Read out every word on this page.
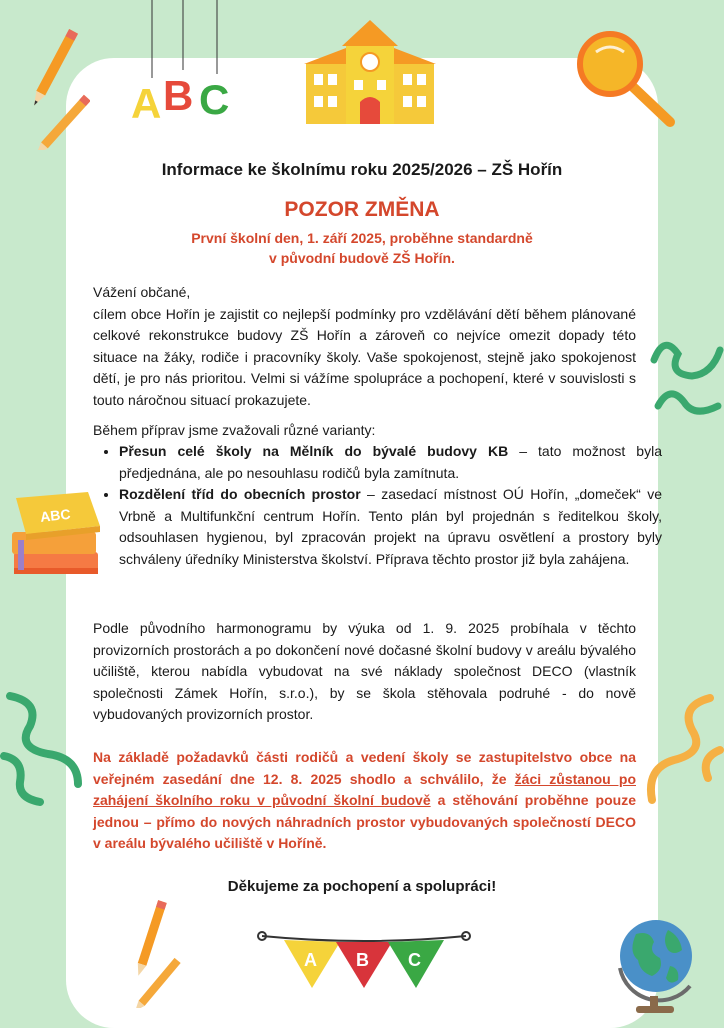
A B C
ABC
A B C
Informace ke školnímu roku 2025/2026 – ZŠ Hořín
POZOR ZMĚNA

První školní den, 1. září 2025, proběhne standardně
v původní budově ZŠ Hořín.

Vážení občané,
cílem obce Hořín je zajistit co nejlepší podmínky pro vzdělávání dětí během plánované celkové rekonstrukce budovy ZŠ Hořín a zároveň co nejvíce omezit dopady této situace na žáky, rodiče i pracovníky školy. Vaše spokojenost, stejně jako spokojenost dětí, je pro nás prioritou. Velmi si vážíme spolupráce a pochopení, které v souvislosti s touto náročnou situací prokazujete.

Během příprav jsme zvažovali různé varianty:

• Přesun celé školy na Mělník do bývalé budovy KB – tato možnost byla předjednána, ale po nesouhlasu rodičů byla zamítnuta.
• Rozdělení tříd do obecních prostor – zasedací místnost OÚ Hořín, „domeček“ ve Vrbně a Multifunkční centrum Hořín. Tento plán byl projednán s ředitelkou školy, odsouhlasen hygienou, byl zpracován projekt na úpravu osvětlení a prostory byly schváleny úředníky Ministerstva školství. Příprava těchto prostor již byla zahájena.

Podle původního harmonogramu by výuka od 1. 9. 2025 probíhala v těchto provizorních prostorách a po dokončení nové dočasné školní budovy v areálu bývalého učiliště, kterou nabídla vybudovat na své náklady společnost DECO (vlastník společnosti Zámek Hořín, s.r.o.), by se škola stěhovala podruhé - do nově vybudovaných provizorních prostor.

Na základě požadavků části rodičů a vedení školy se zastupitelstvo obce na veřejném zasedání dne 12. 8. 2025 shodlo a schválilo, že žáci zůstanou po zahájení školního roku v původní školní budově a stěhování proběhne pouze jednou – přímo do nových náhradních prostor vybudovaných společností DECO v areálu bývalého učiliště v Hoříně.

Děkujeme za pochopení a spolupráci!
